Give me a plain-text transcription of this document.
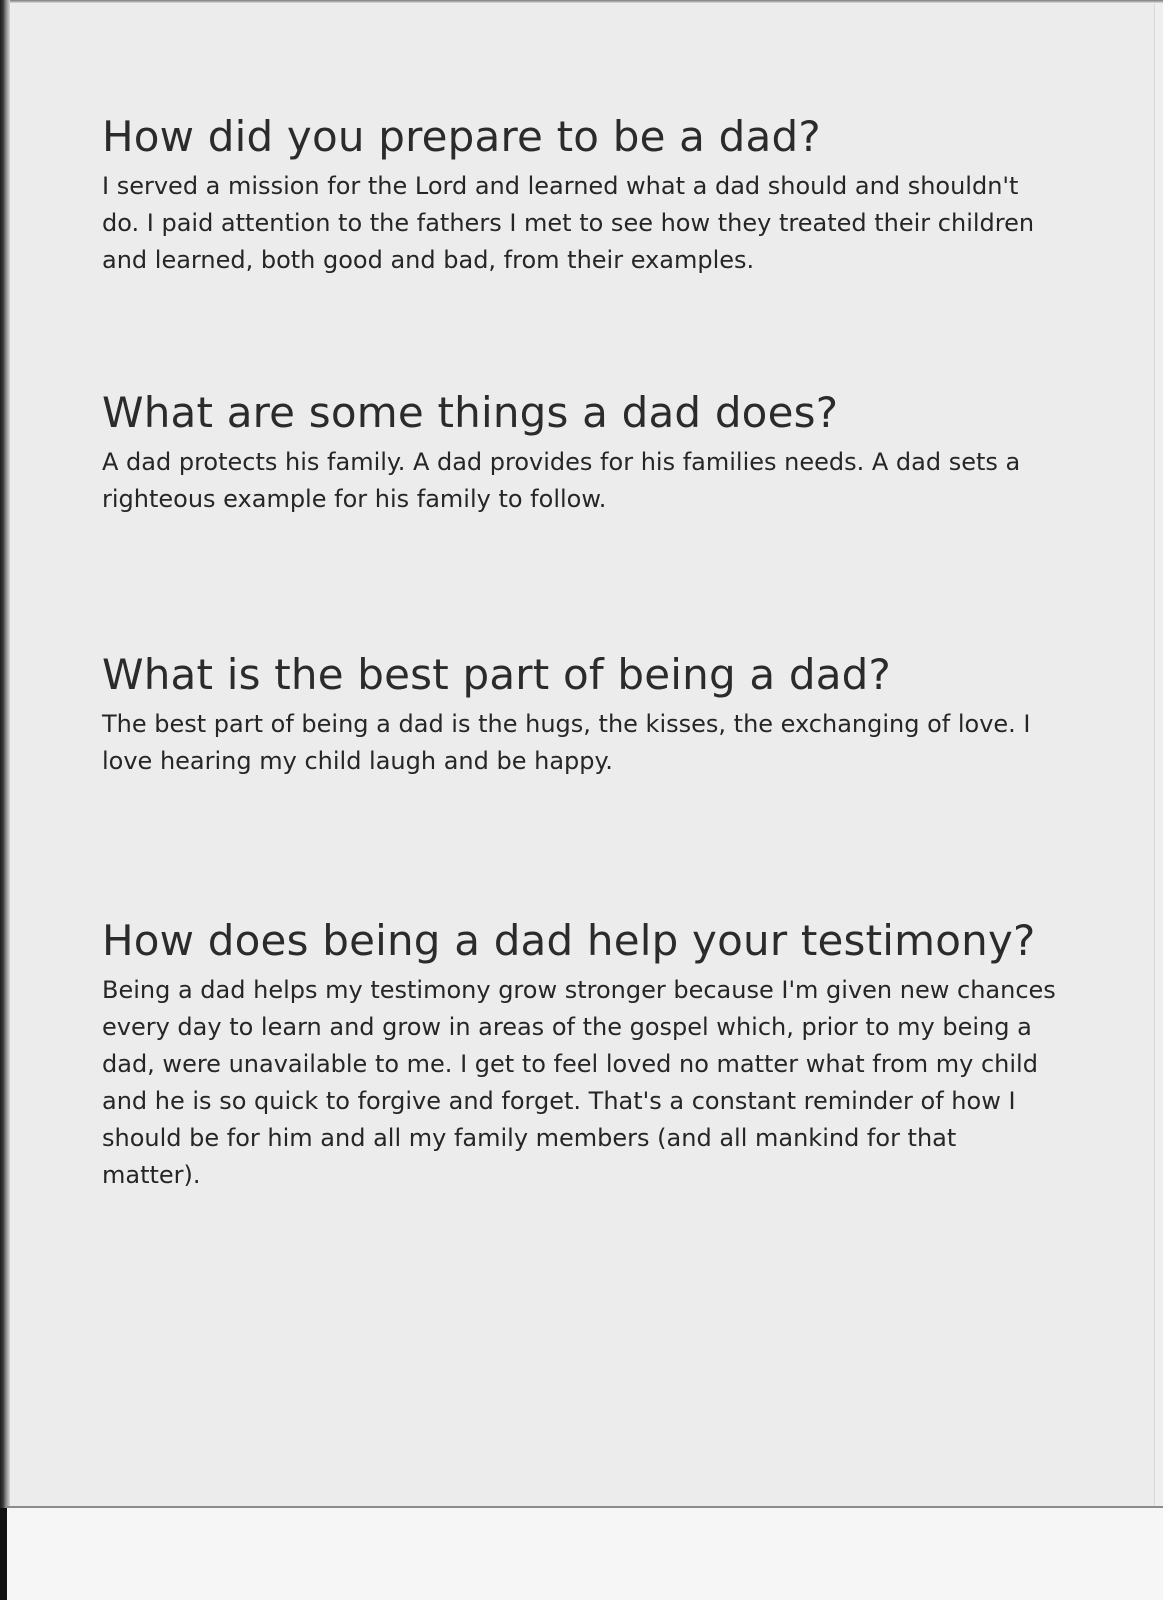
How did you prepare to be a dad?

I served a mission for the Lord and learned what a dad should and shouldn't do. I paid attention to the fathers I met to see how they treated their children and learned, both good and bad, from their examples.

What are some things a dad does?

A dad protects his family. A dad provides for his families needs. A dad sets a righteous example for his family to follow.

What is the best part of being a dad?

The best part of being a dad is the hugs, the kisses, the exchanging of love. I love hearing my child laugh and be happy.

How does being a dad help your testimony?

Being a dad helps my testimony grow stronger because I'm given new chances every day to learn and grow in areas of the gospel which, prior to my being a dad, were unavailable to me. I get to feel loved no matter what from my child and he is so quick to forgive and forget. That's a constant reminder of how I should be for him and all my family members (and all mankind for that matter).
